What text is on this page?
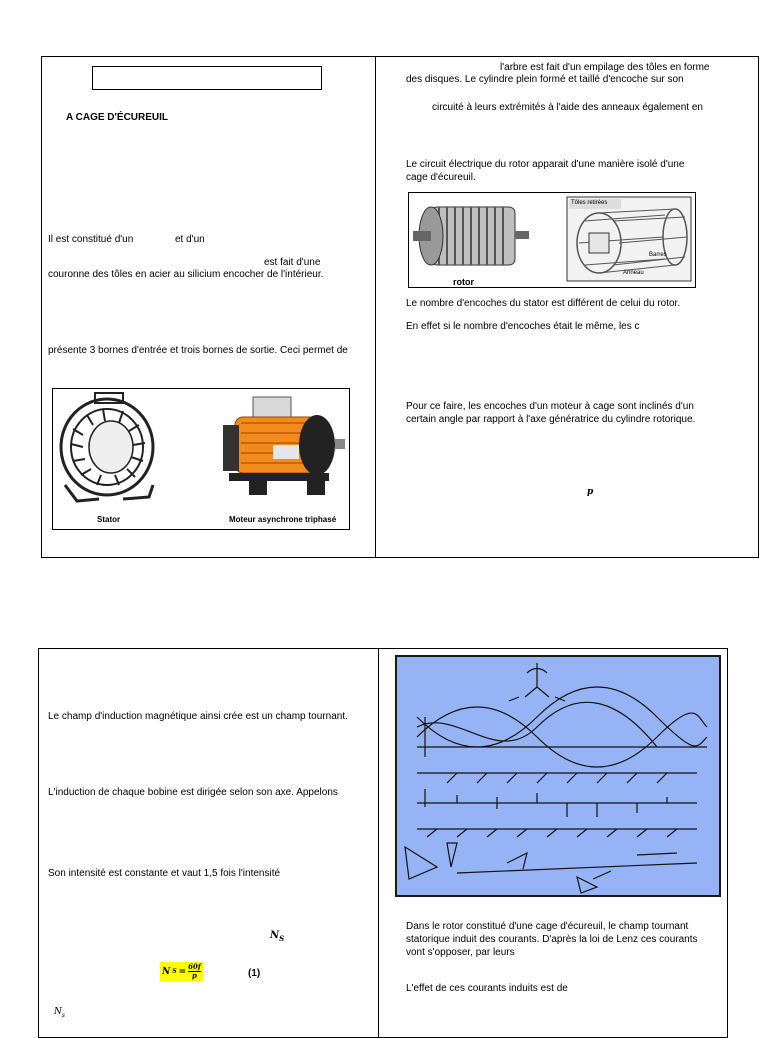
A CAGE D'ÉCUREUIL
Il est constitué d'un	et d'un
est fait d'une
couronne des tôles en acier au silicium encocher de l'intérieur.
présente 3 bornes d'entrée et trois bornes de sortie. Ceci permet de
Stator	Moteur asynchrone triphasé
l'arbre est fait d'un empilage des tôles en forme
des disques. Le cylindre plein formé et taillé d'encoche sur son
circuité à leurs extrémités à l'aide des anneaux également en
Le circuit électrique du rotor apparait d'une manière isolé d'une
cage d'écureuil.
rotor
Tôles retirées
Barres
Anneau
Le nombre d'encoches du stator est différent de celui du rotor.
En effet si le nombre d'encoches était le même, les c
Pour ce faire, les encoches d'un moteur à cage sont inclinés d'un
certain angle par rapport à l'axe génératrice du cylindre rotorique.
p
Le champ d'induction magnétique ainsi crée est un champ tournant.
L'induction de chaque bobine est dirigée selon son axe. Appelons
Son intensité est constante et vaut 1,5 fois l'intensité
$N_S$
N $S = \frac{60f}{p}$	(1)
$N_s$
Dans le rotor constitué d'une cage d'écureuil, le champ tournant
statorique induit des courants. D'après la loi de Lenz ces courants
vont s'opposer, par leurs
L'effet de ces courants induits est de
